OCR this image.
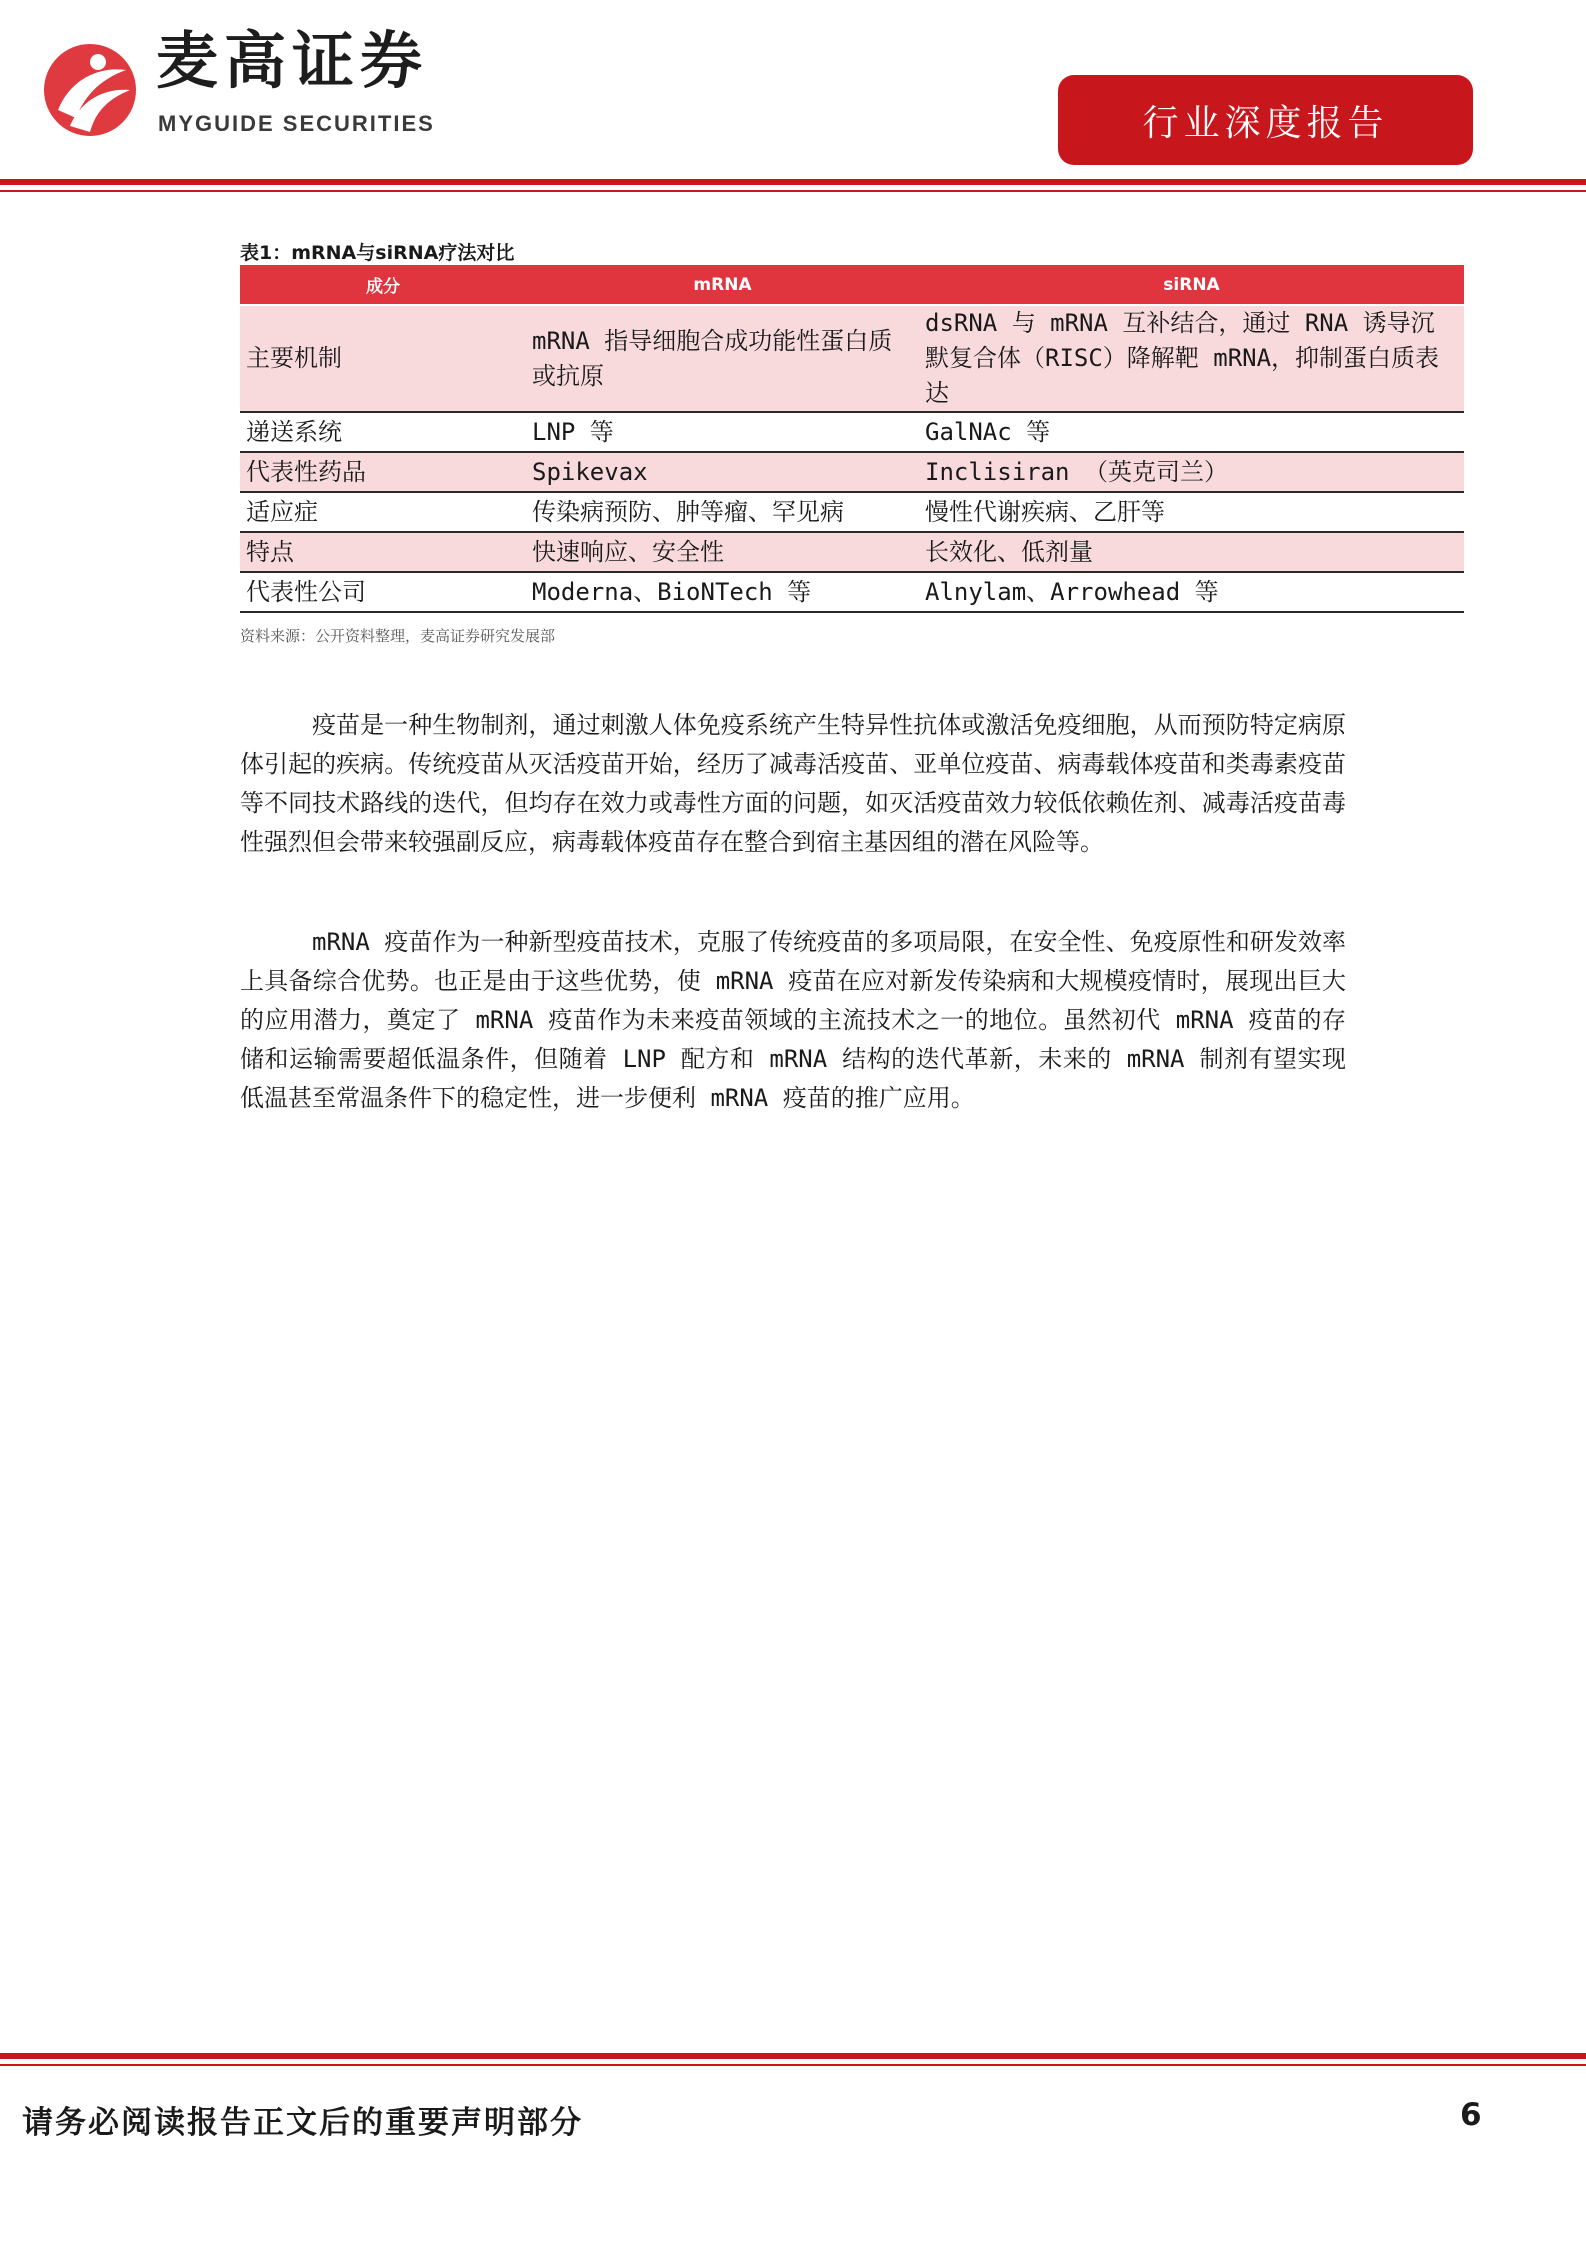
麦高证券
MYGUIDE SECURITIES	行业深度报告
表1：mRNA与siRNA疗法对比
成分	mRNA	siRNA
主要机制	mRNA 指导细胞合成功能性蛋白质或抗原	dsRNA 与 mRNA 互补结合，通过 RNA 诱导沉默复合体（RISC）降解靶 mRNA，抑制蛋白质表达
递送系统	LNP 等	GalNAc 等
代表性药品	Spikevax	Inclisiran （英克司兰）
适应症	传染病预防、肿等瘤、罕见病	慢性代谢疾病、乙肝等
特点	快速响应、安全性	长效化、低剂量
代表性公司	Moderna、BioNTech 等	Alnylam、Arrowhead 等
资料来源：公开资料整理，麦高证券研究发展部

疫苗是一种生物制剂，通过刺激人体免疫系统产生特异性抗体或激活免疫细胞，从而预防特定病原体引起的疾病。传统疫苗从灭活疫苗开始，经历了减毒活疫苗、亚单位疫苗、病毒载体疫苗和类毒素疫苗等不同技术路线的迭代，但均存在效力或毒性方面的问题，如灭活疫苗效力较低依赖佐剂、减毒活疫苗毒性强烈但会带来较强副反应，病毒载体疫苗存在整合到宿主基因组的潜在风险等。

mRNA 疫苗作为一种新型疫苗技术，克服了传统疫苗的多项局限，在安全性、免疫原性和研发效率上具备综合优势。也正是由于这些优势，使 mRNA 疫苗在应对新发传染病和大规模疫情时，展现出巨大的应用潜力，奠定了 mRNA 疫苗作为未来疫苗领域的主流技术之一的地位。虽然初代 mRNA 疫苗的存储和运输需要超低温条件，但随着 LNP 配方和 mRNA 结构的迭代革新，未来的 mRNA 制剂有望实现低温甚至常温条件下的稳定性，进一步便利 mRNA 疫苗的推广应用。

请务必阅读报告正文后的重要声明部分	6
